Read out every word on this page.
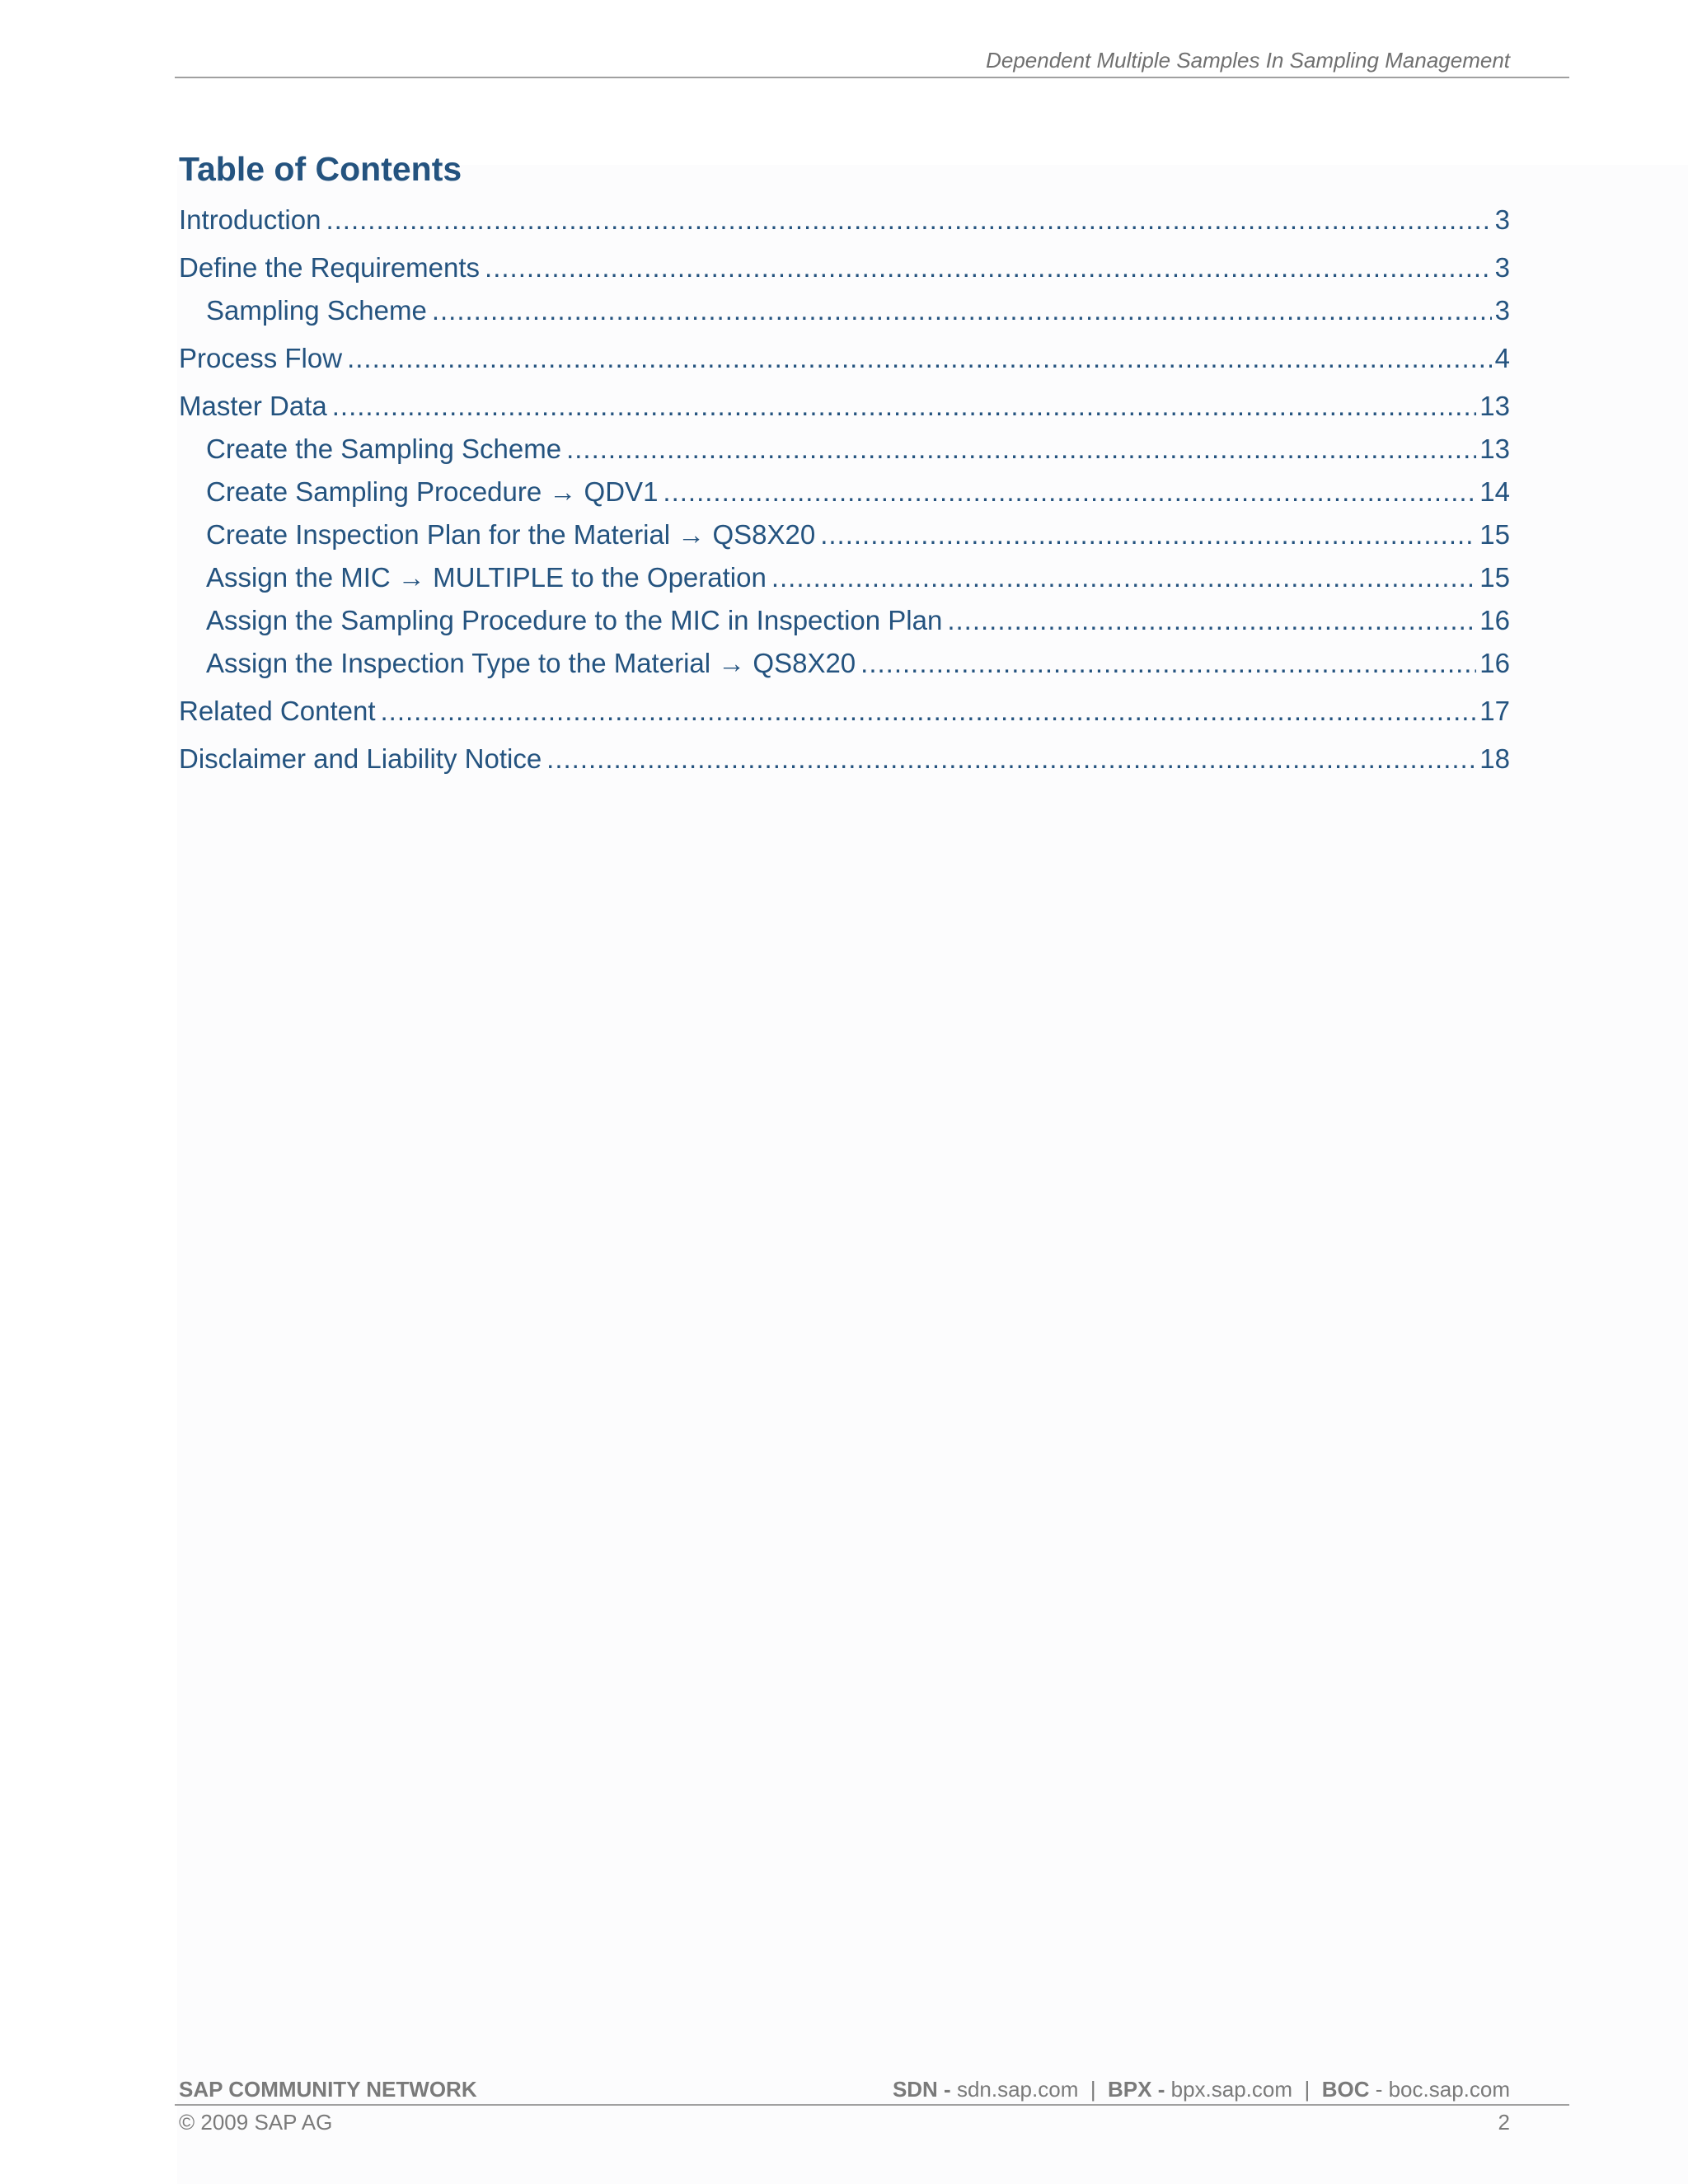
Dependent Multiple Samples In Sampling Management
Table of Contents
Introduction .....	3
Define the Requirements .....	3
Sampling Scheme .....	3
Process Flow .....	4
Master Data .....	13
Create the Sampling Scheme .....	13
Create Sampling Procedure → QDV1 .....	14
Create Inspection Plan for the Material → QS8X20 .....	15
Assign the MIC → MULTIPLE to the Operation .....	15
Assign the Sampling Procedure to the MIC in Inspection Plan .....	16
Assign the Inspection Type to the Material → QS8X20 .....	16
Related Content .....	17
Disclaimer and Liability Notice .....	18
SAP COMMUNITY NETWORK	SDN - sdn.sap.com | BPX - bpx.sap.com | BOC - boc.sap.com
© 2009 SAP AG	2
